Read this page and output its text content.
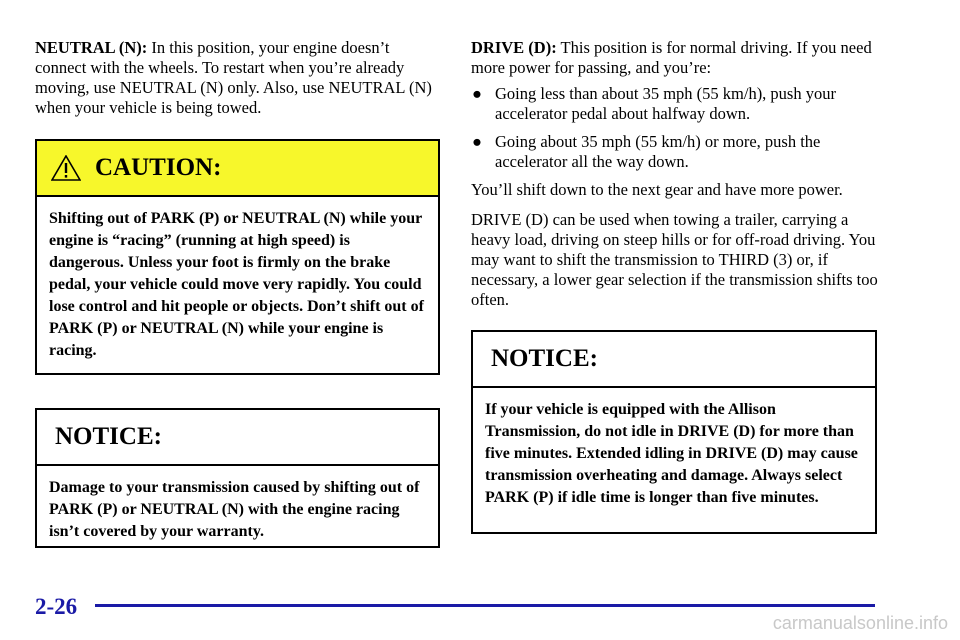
NEUTRAL (N): In this position, your engine doesn’t connect with the wheels. To restart when you’re already moving, use NEUTRAL (N) only. Also, use NEUTRAL (N) when your vehicle is being towed.

CAUTION:
Shifting out of PARK (P) or NEUTRAL (N) while your engine is “racing” (running at high speed) is dangerous. Unless your foot is firmly on the brake pedal, your vehicle could move very rapidly. You could lose control and hit people or objects. Don’t shift out of PARK (P) or NEUTRAL (N) while your engine is racing.
NOTICE:
Damage to your transmission caused by shifting out of PARK (P) or NEUTRAL (N) with the engine racing isn’t covered by your warranty.

DRIVE (D): This position is for normal driving. If you need more power for passing, and you’re:

● Going less than about 35 mph (55 km/h), push your accelerator pedal about halfway down.
● Going about 35 mph (55 km/h) or more, push the accelerator all the way down.

You’ll shift down to the next gear and have more power.

DRIVE (D) can be used when towing a trailer, carrying a heavy load, driving on steep hills or for off-road driving. You may want to shift the transmission to THIRD (3) or, if necessary, a lower gear selection if the transmission shifts too often.

NOTICE:
If your vehicle is equipped with the Allison Transmission, do not idle in DRIVE (D) for more than five minutes. Extended idling in DRIVE (D) may cause transmission overheating and damage. Always select PARK (P) if idle time is longer than five minutes.
2-26
carmanualsonline.info
